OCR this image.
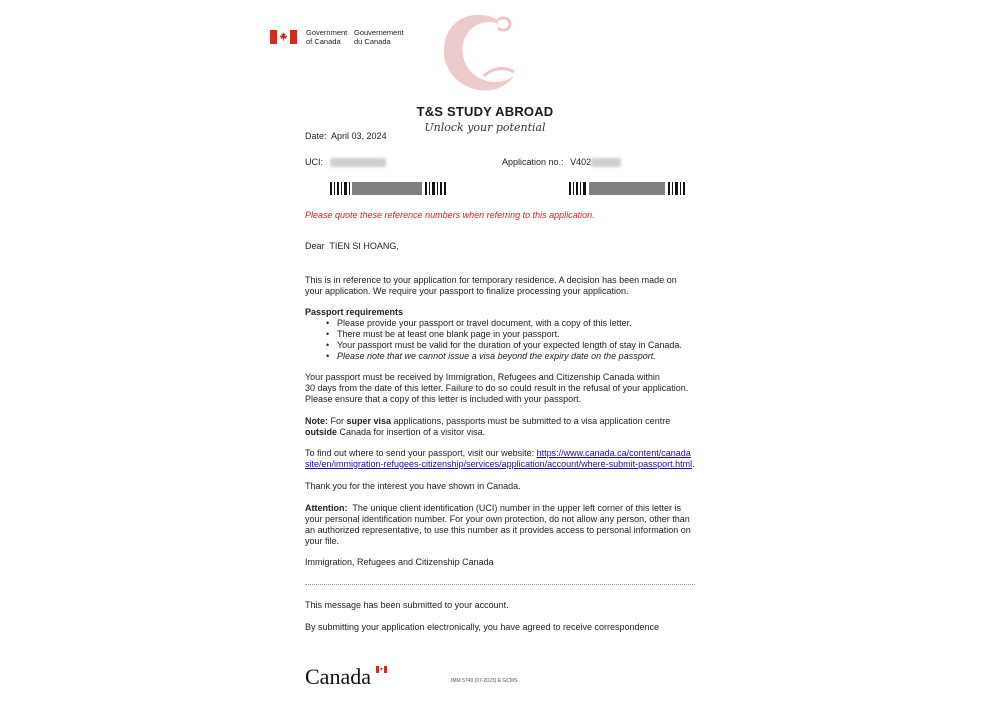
Government
of Canada
Gouvernement
du Canada
T&S STUDY ABROAD
Unlock your potential
Date: April 03, 2024
UCI:	Application no.: V402
Please quote these reference numbers when referring to this application.
Dear TIEN SI HOANG,
This is in reference to your application for temporary residence. A decision has been made on
your application. We require your passport to finalize processing your application.
Passport requirements
• Please provide your passport or travel document, with a copy of this letter.
• There must be at least one blank page in your passport.
• Your passport must be valid for the duration of your expected length of stay in Canada.
• Please note that we cannot issue a visa beyond the expiry date on the passport.
Your passport must be received by Immigration, Refugees and Citizenship Canada within
30 days from the date of this letter. Failure to do so could result in the refusal of your application.
Please ensure that a copy of this letter is included with your passport.
Note: For super visa applications, passports must be submitted to a visa application centre
outside Canada for insertion of a visitor visa.
To find out where to send your passport, visit our website: https://www.canada.ca/content/canada
site/en/immigration-refugees-citizenship/services/application/account/where-submit-passport.html.
Thank you for the interest you have shown in Canada.
Attention:  The unique client identification (UCI) number in the upper left corner of this letter is
your personal identification number. For your own protection, do not allow any person, other than
an authorized representative, to use this number as it provides access to personal information on
your file.
Immigration, Refugees and Citizenship Canada
This message has been submitted to your account.
By submitting your application electronically, you have agreed to receive correspondence
Canada	IMM 5740 (07-2023) E GCMS
